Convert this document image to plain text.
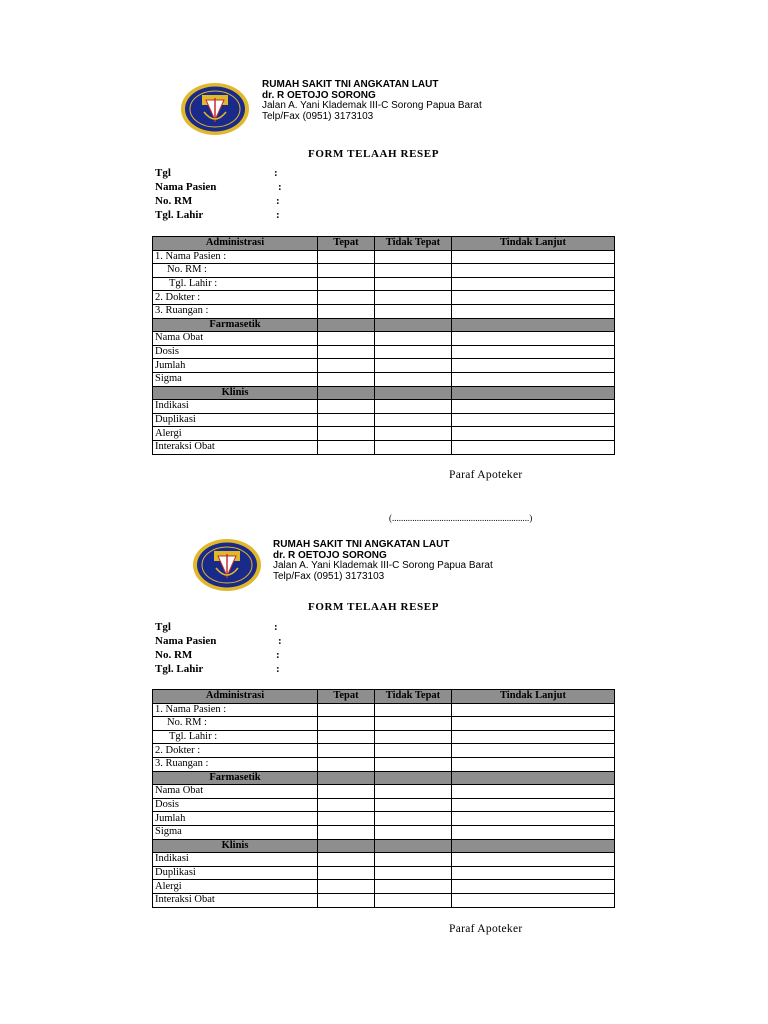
RUMAH SAKIT TNI ANGKATAN LAUT
dr. R OETOJO SORONG
Jalan A. Yani Klademak III-C Sorong Papua Barat
Telp/Fax (0951) 3173103
FORM TELAAH RESEP
Tgl	:
Nama Pasien	:
No. RM	:
Tgl. Lahir	:
Administrasi	Tepat	Tidak Tepat	Tindak Lanjut
1. Nama Pasien :			
No. RM :			
Tgl. Lahir :			
2. Dokter :			
3. Ruangan :			
Farmasetik			
Nama Obat			
Dosis			
Jumlah			
Sigma			
Klinis			
Indikasi			
Duplikasi			
Alergi			
Interaksi Obat			
Paraf Apoteker
(.............................................................)
RUMAH SAKIT TNI ANGKATAN LAUT
dr. R OETOJO SORONG
Jalan A. Yani Klademak III-C Sorong Papua Barat
Telp/Fax (0951) 3173103
FORM TELAAH RESEP
Tgl	:
Nama Pasien	:
No. RM	:
Tgl. Lahir	:
Administrasi	Tepat	Tidak Tepat	Tindak Lanjut
1. Nama Pasien :			
No. RM :			
Tgl. Lahir :			
2. Dokter :			
3. Ruangan :			
Farmasetik			
Nama Obat			
Dosis			
Jumlah			
Sigma			
Klinis			
Indikasi			
Duplikasi			
Alergi			
Interaksi Obat			
Paraf Apoteker
